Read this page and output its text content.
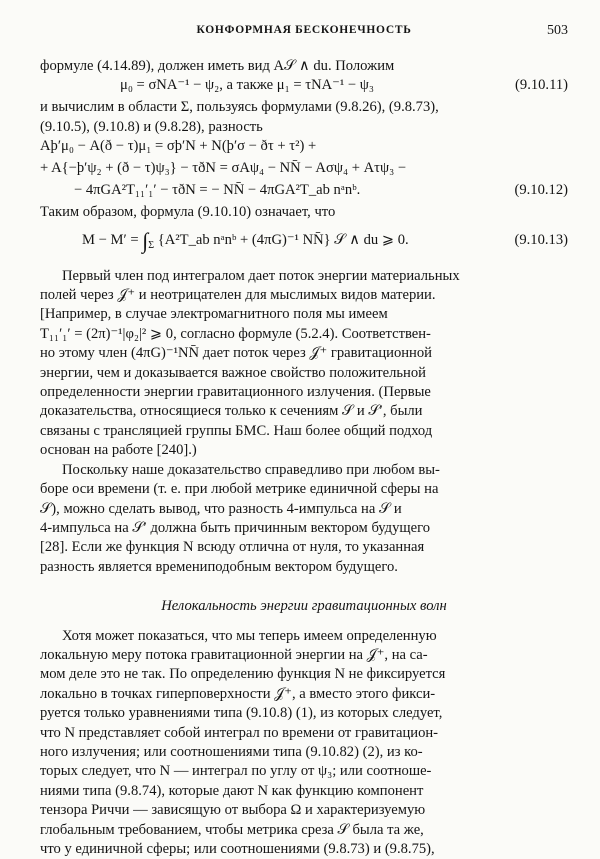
КОНФОРМНАЯ БЕСКОНЕЧНОСТЬ	503
формуле (4.14.89), должен иметь вид A𝒮 ∧ du. Положим
μ₀ = σNA⁻¹ − ψ₂, а также μ₁ = τNA⁻¹ − ψ₃	(9.10.11)
и вычислим в области Σ, пользуясь формулами (9.8.26), (9.8.73),
(9.10.5), (9.10.8) и (9.8.28), разность
Aþ′μ₀ − A(ð − τ)μ₁ = σþ′N + N(þ′σ − ðτ + τ²) +
+ A{−þ′ψ₂ + (ð − τ)ψ₃} − τðN = σAψ₄ − NN̄ − Aσψ₄ + Aτψ₃ −
− 4πGA²T₁₁′₁′ − τðN = − NN̄ − 4πGA²T_ab nᵃnᵇ.	(9.10.12)
Таким образом, формула (9.10.10) означает, что
$M - M' = \int_\Sigma$ {A²T_ab nᵃnᵇ + (4πG)⁻¹ NN̄} 𝒮 ∧ du ⩾ 0.	(9.10.13)
Первый член под интегралом дает поток энергии материальных
полей через 𝒥⁺ и неотрицателен для мыслимых видов материи.
[Например, в случае электромагнитного поля мы имеем
T₁₁′₁′ = (2π)⁻¹|φ₂|² ⩾ 0, согласно формуле (5.2.4). Соответствен-
но этому член (4πG)⁻¹NN̄ дает поток через 𝒥⁺ гравитационной
энергии, чем и доказывается важное свойство положительной
определенности энергии гравитационного излучения. (Первые
доказательства, относящиеся только к сечениям 𝒮 и 𝒮′, были
связаны с трансляцией группы БМС. Наш более общий подход
основан на работе [240].)
Поскольку наше доказательство справедливо при любом вы-
боре оси времени (т. е. при любой метрике единичной сферы на
𝒮), можно сделать вывод, что разность 4-импульса на 𝒮 и
4-импульса на 𝒮′ должна быть причинным вектором будущего
[28]. Если же функция N всюду отлична от нуля, то указанная
разность является времениподобным вектором будущего.
Нелокальность энергии гравитационных волн
Хотя может показаться, что мы теперь имеем определенную
локальную меру потока гравитационной энергии на 𝒥⁺, на са-
мом деле это не так. По определению функция N не фиксируется
локально в точках гиперповерхности 𝒥⁺, а вместо этого фикси-
руется только уравнениями типа (9.10.8) (1), из которых следует,
что N представляет собой интеграл по времени от гравитацион-
ного излучения; или соотношениями типа (9.10.82) (2), из ко-
торых следует, что N — интеграл по углу от ψ₃; или соотноше-
ниями типа (9.8.74), которые дают N как функцию компонент
тензора Риччи — зависящую от выбора Ω и характеризуемую
глобальным требованием, чтобы метрика среза 𝒮 была та же,
что у единичной сферы; или соотношениями (9.8.73) и (9.8.75),
